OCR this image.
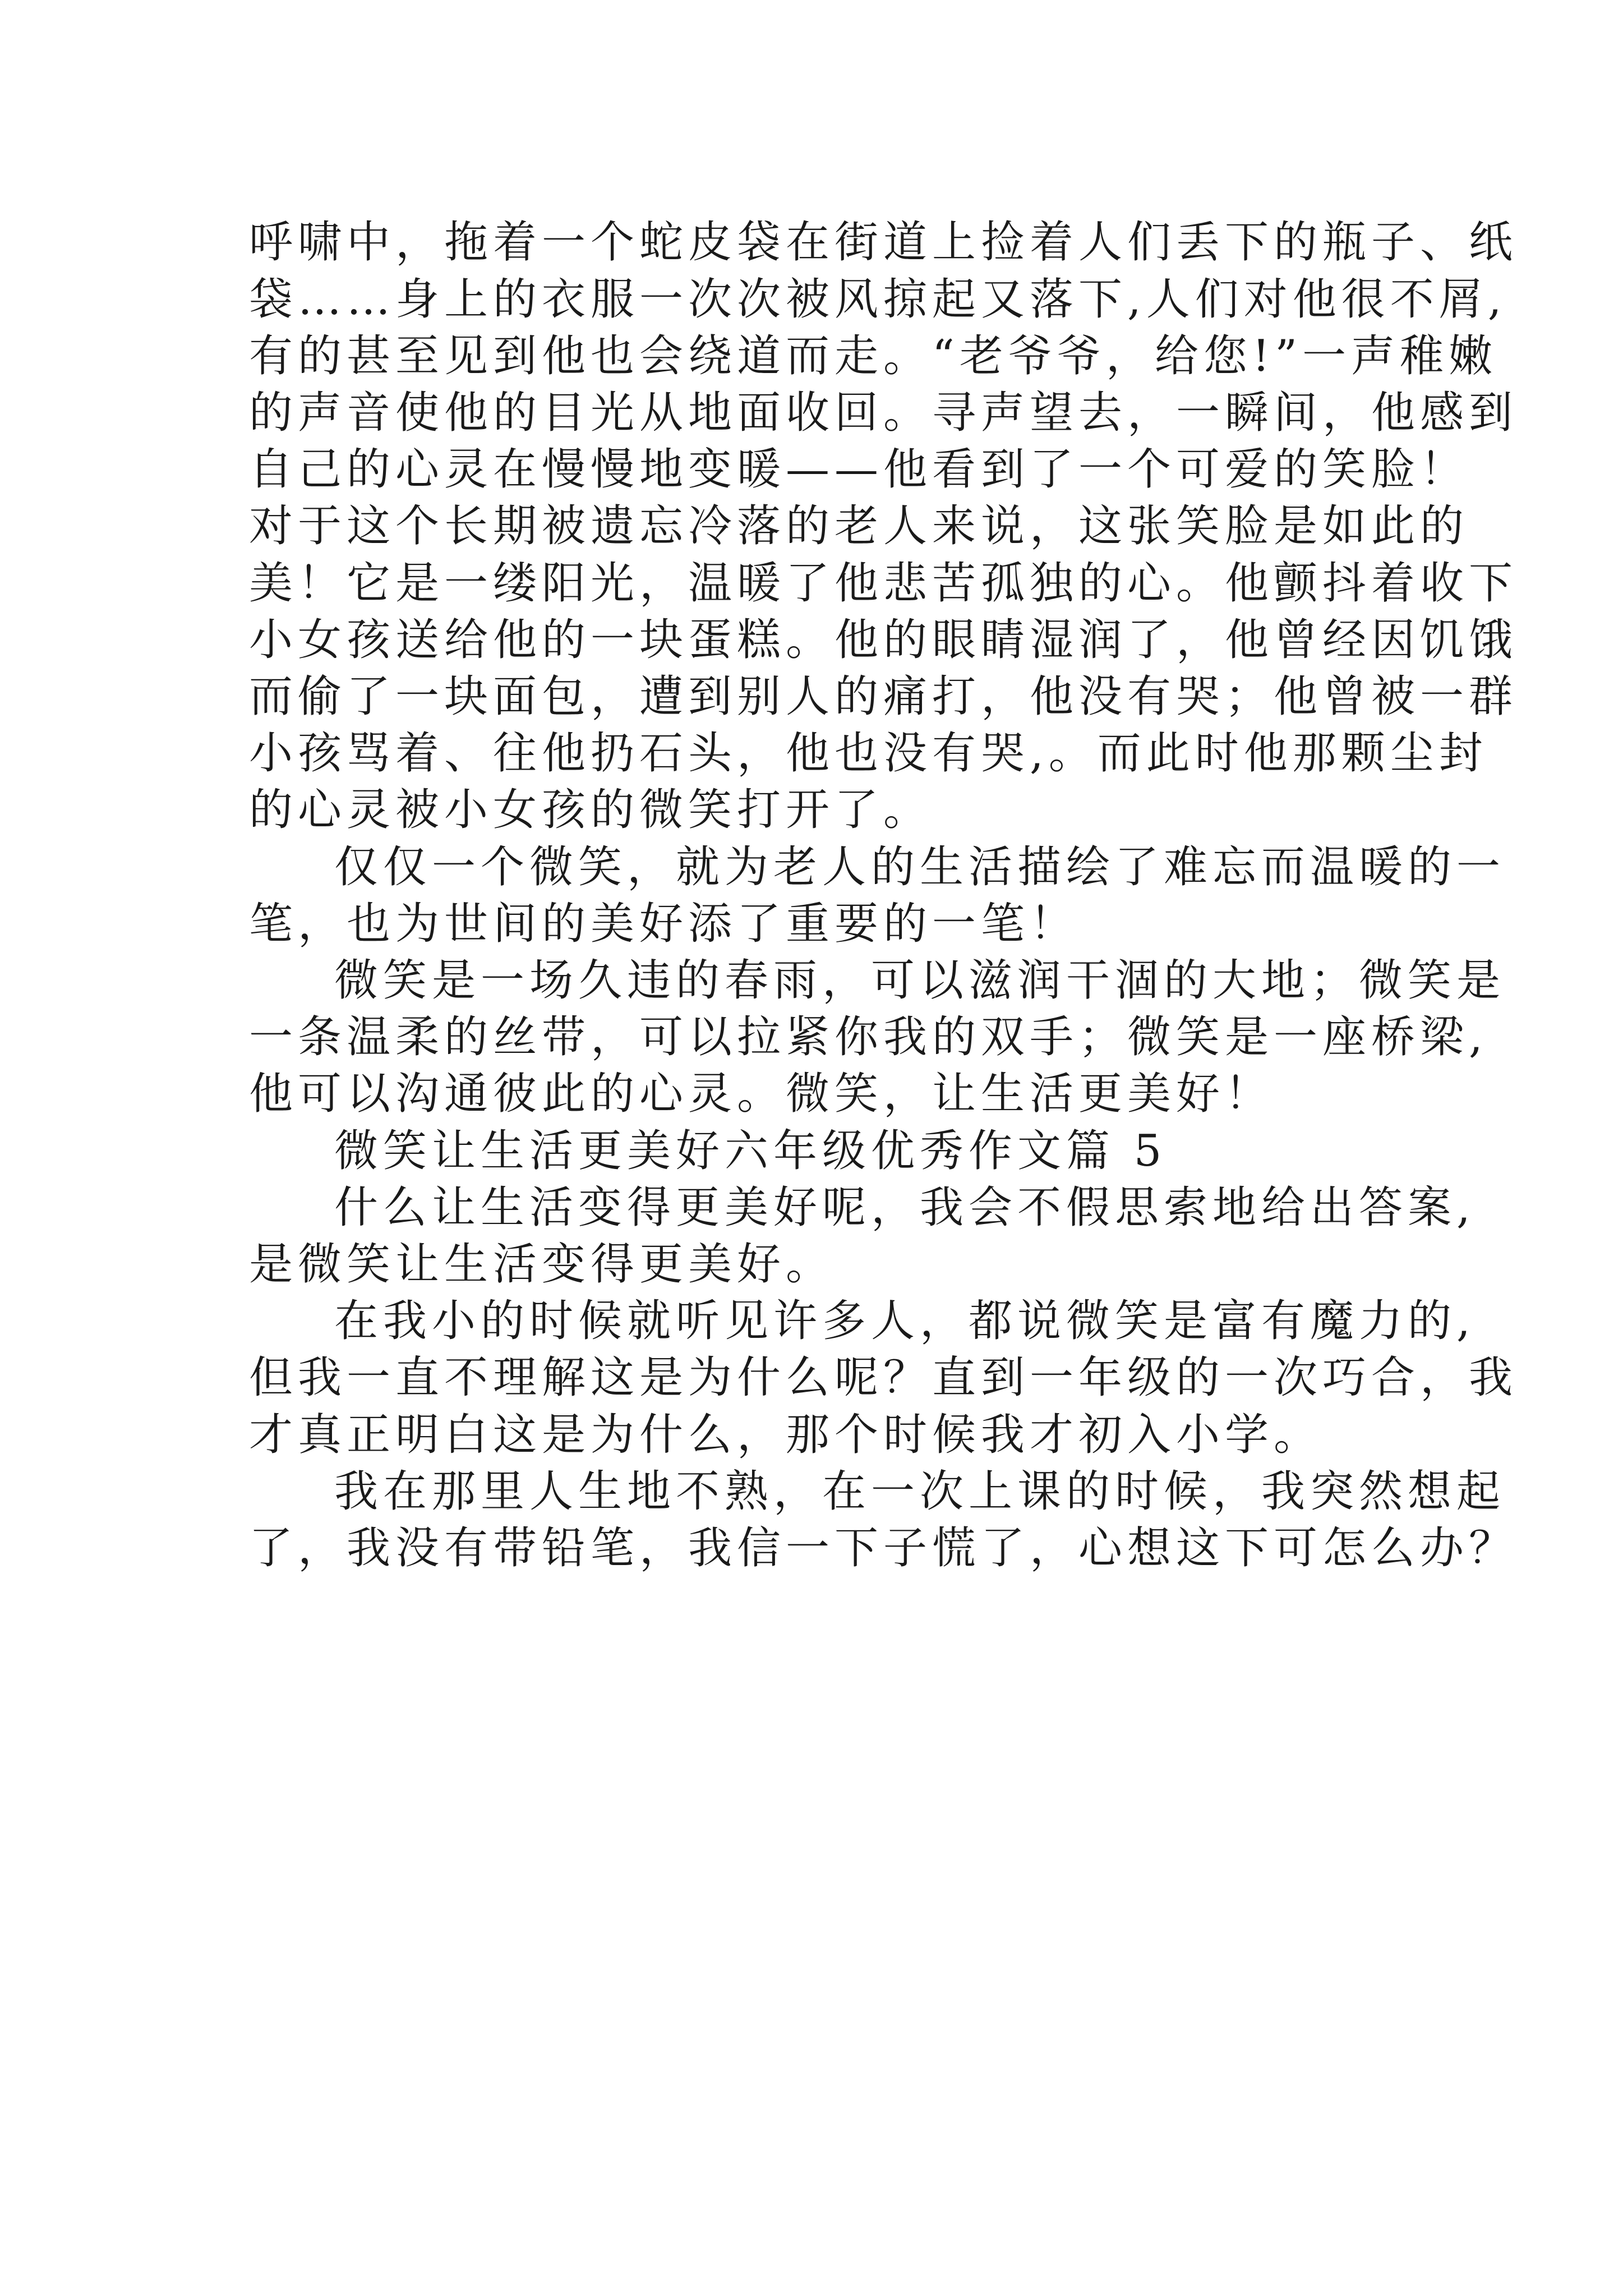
呼啸中，拖着一个蛇皮袋在街道上捡着人们丢下的瓶子、纸
袋……身上的衣服一次次被风掠起又落下,人们对他很不屑,
有的甚至见到他也会绕道而走。“老爷爷，给您!”一声稚嫩
的声音使他的目光从地面收回。寻声望去，一瞬间，他感到
自己的心灵在慢慢地变暖——他看到了一个可爱的笑脸！
对于这个长期被遗忘冷落的老人来说，这张笑脸是如此的
美！它是一缕阳光，温暖了他悲苦孤独的心。他颤抖着收下
小女孩送给他的一块蛋糕。他的眼睛湿润了，他曾经因饥饿
而偷了一块面包，遭到别人的痛打，他没有哭；他曾被一群
小孩骂着、往他扔石头，他也没有哭,。而此时他那颗尘封
的心灵被小女孩的微笑打开了。
仅仅一个微笑，就为老人的生活描绘了难忘而温暖的一
笔，也为世间的美好添了重要的一笔！
微笑是一场久违的春雨，可以滋润干涸的大地；微笑是
一条温柔的丝带，可以拉紧你我的双手；微笑是一座桥梁,
他可以沟通彼此的心灵。微笑，让生活更美好！
微笑让生活更美好六年级优秀作文篇 5
什么让生活变得更美好呢，我会不假思索地给出答案,
是微笑让生活变得更美好。
在我小的时候就听见许多人，都说微笑是富有魔力的,
但我一直不理解这是为什么呢？直到一年级的一次巧合，我
才真正明白这是为什么，那个时候我才初入小学。
我在那里人生地不熟，在一次上课的时候，我突然想起
了，我没有带铅笔，我信一下子慌了，心想这下可怎么办？
